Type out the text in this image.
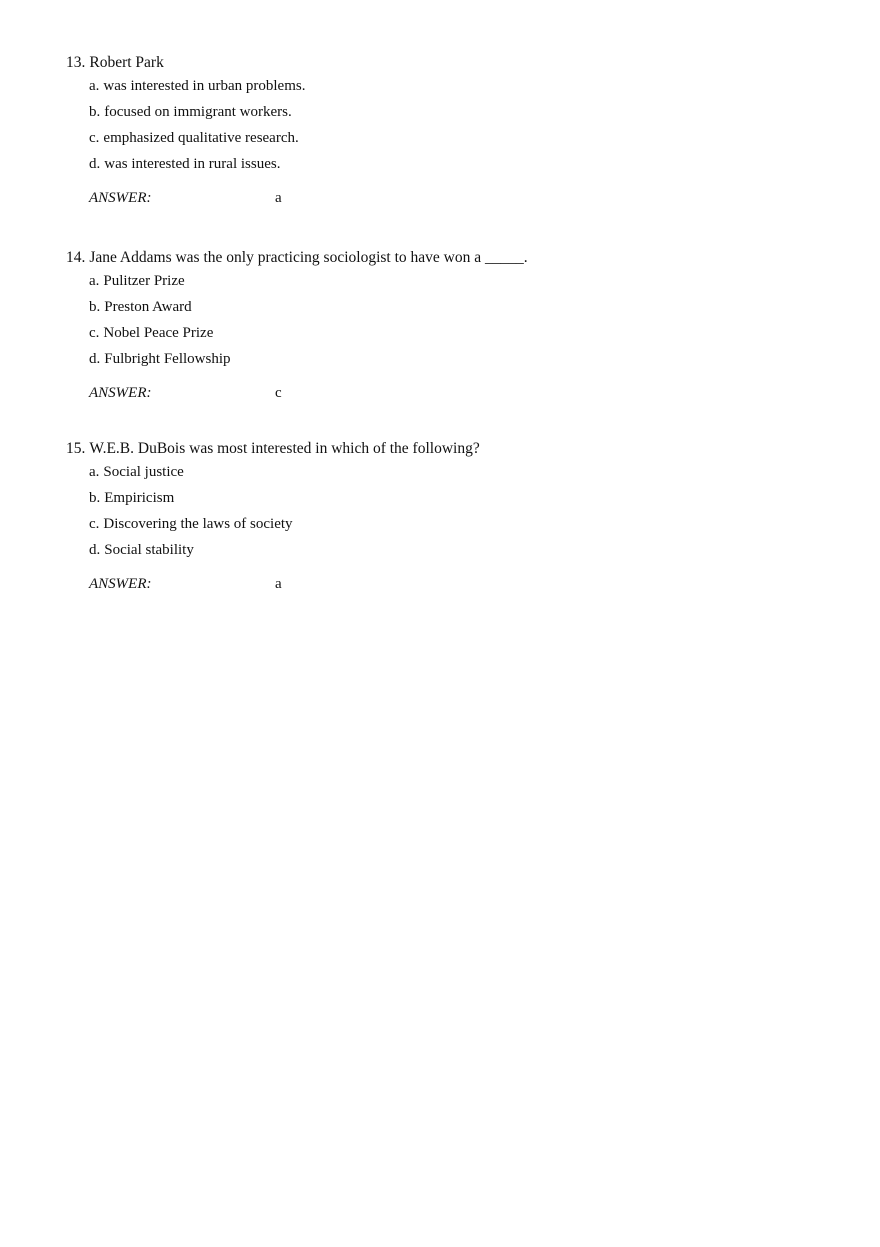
13. Robert Park

a. was interested in urban problems.
b. focused on immigrant workers.
c. emphasized qualitative research.
d. was interested in rural issues.
ANSWER:	a

14. Jane Addams was the only practicing sociologist to have won a _____.

a. Pulitzer Prize
b. Preston Award
c. Nobel Peace Prize
d. Fulbright Fellowship
ANSWER:	c

15. W.E.B. DuBois was most interested in which of the following?

a. Social justice
b. Empiricism
c. Discovering the laws of society
d. Social stability
ANSWER:	a
